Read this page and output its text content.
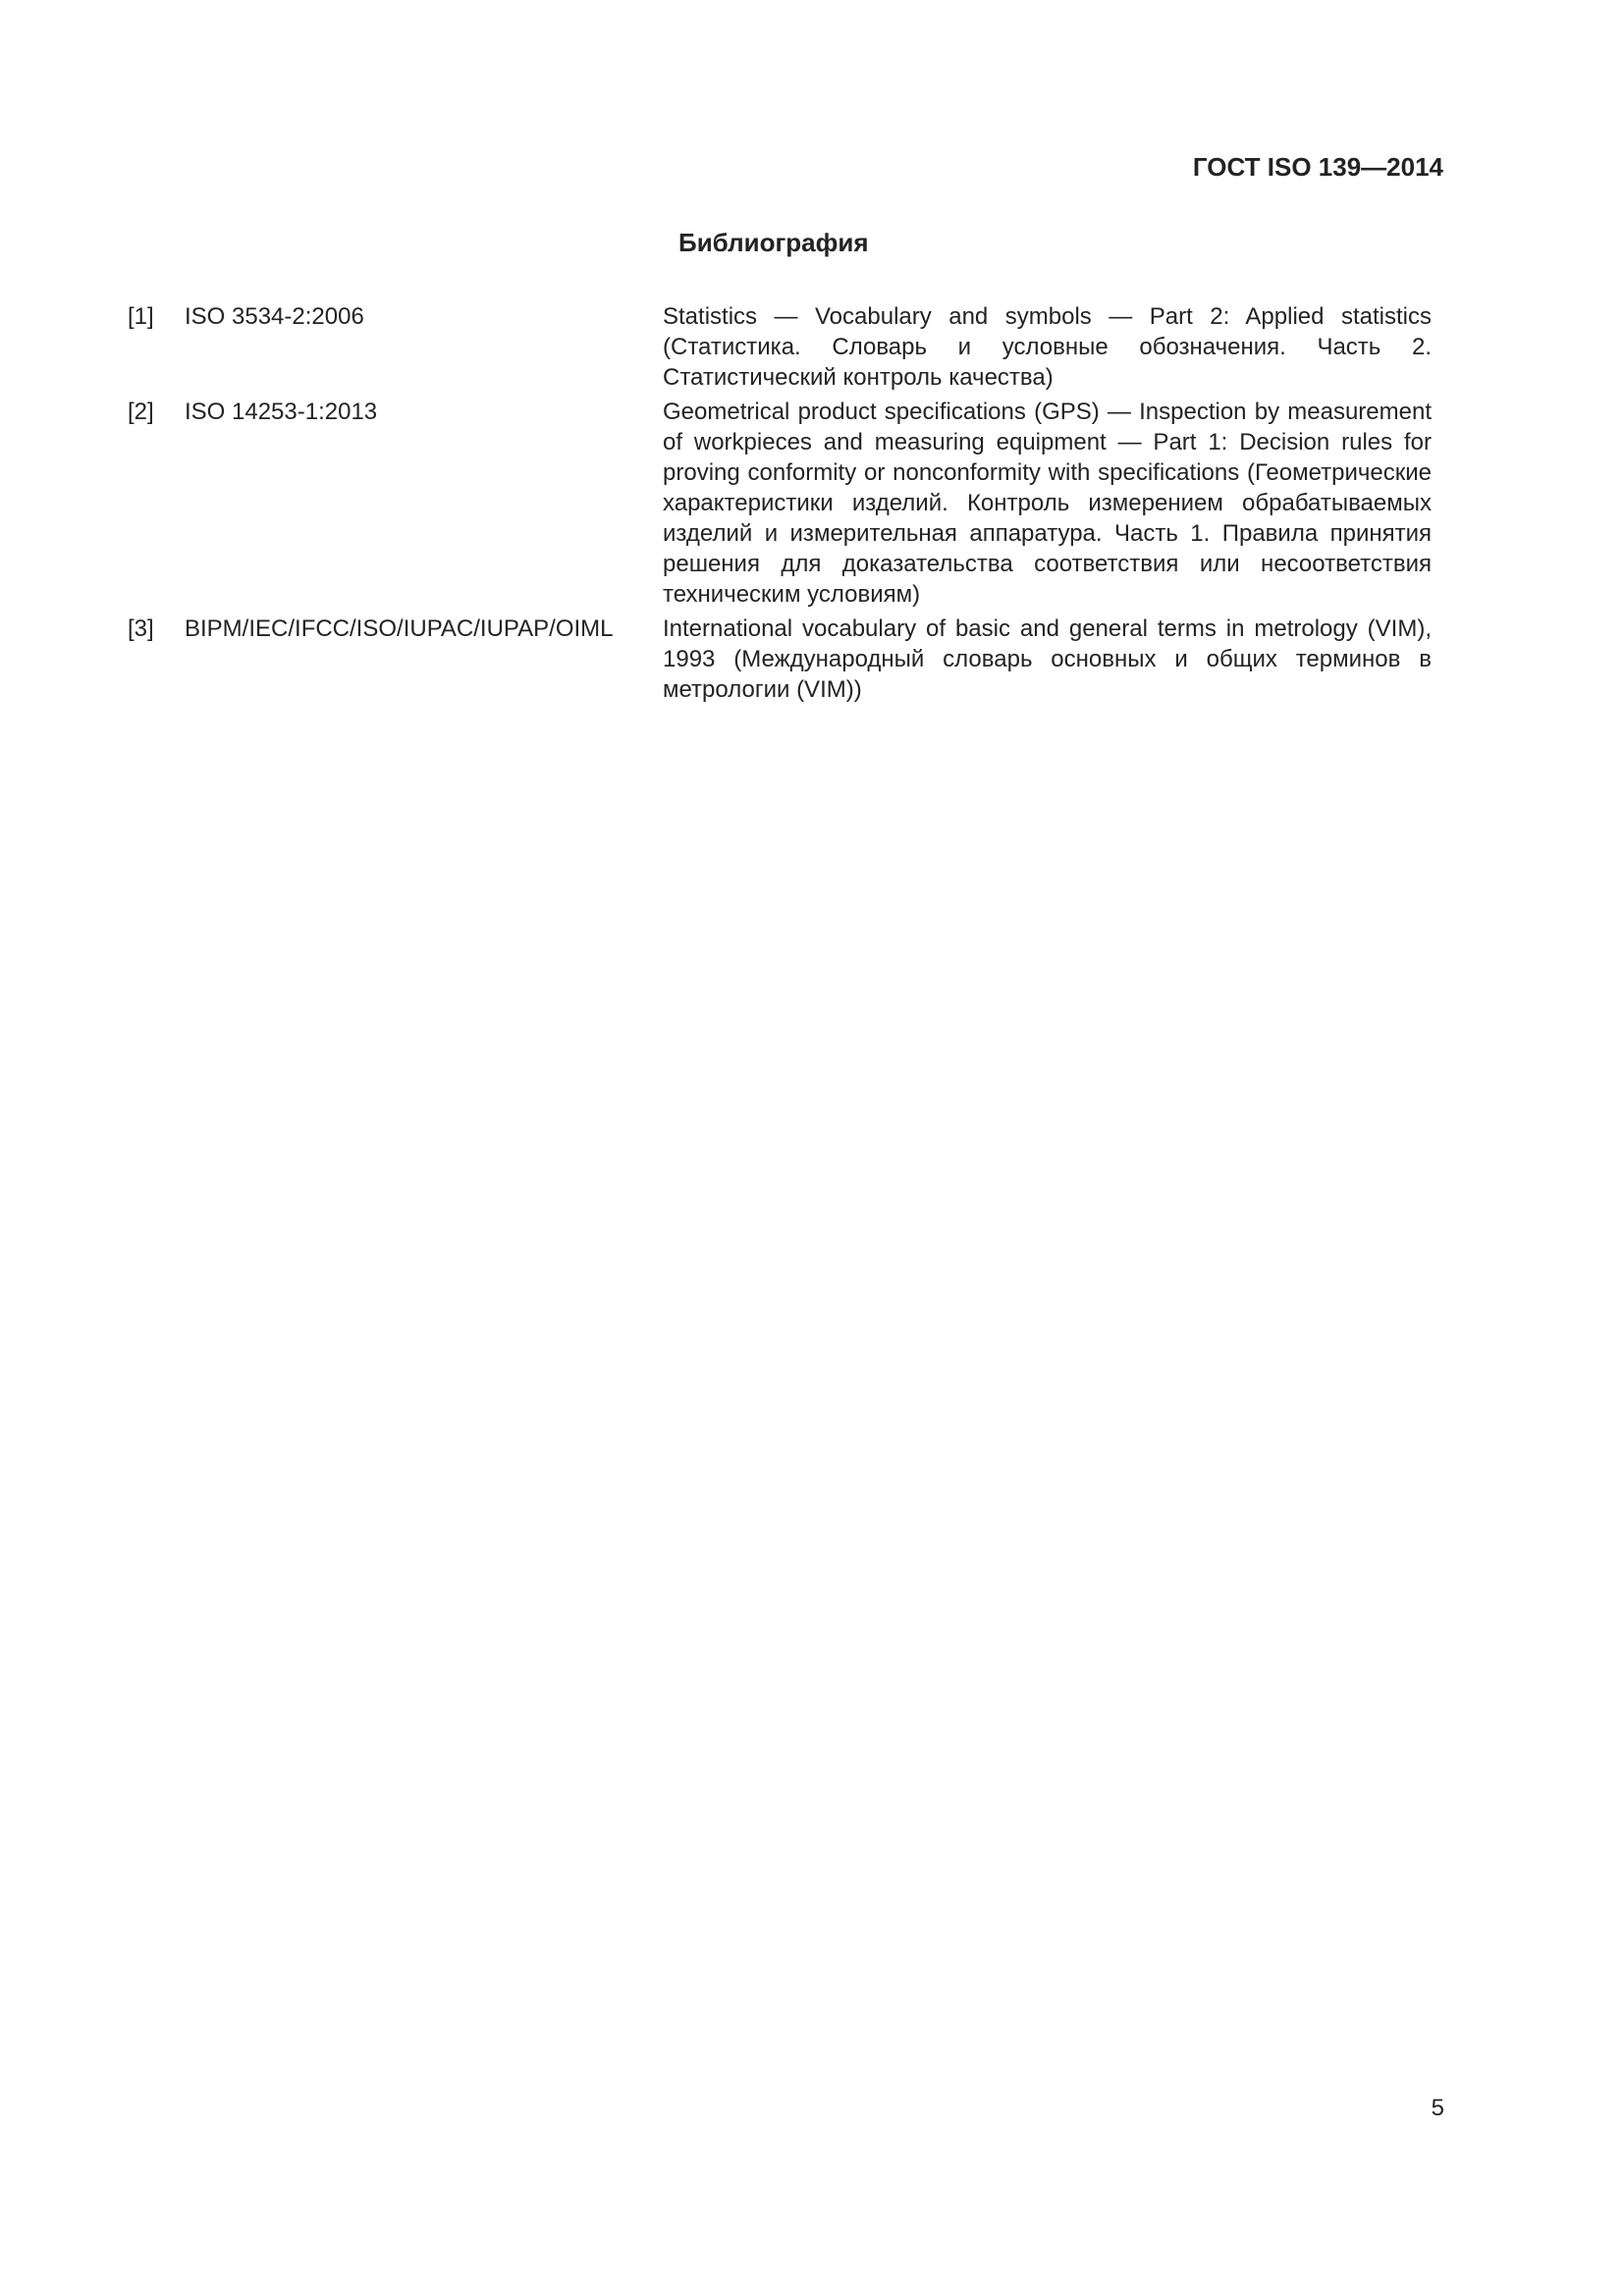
ГОСТ ISO 139—2014
Библиография
[1]	ISO 3534-2:2006	Statistics — Vocabulary and symbols — Part 2: Applied statistics (Статистика. Словарь и условные обозначения. Часть 2. Статистический контроль качества)
[2]	ISO 14253-1:2013	Geometrical product specifications (GPS) — Inspection by measurement of workpieces and measuring equipment — Part 1: Decision rules for proving conformity or nonconformity with specifications (Геометрические характеристики изделий. Контроль измерением обрабатываемых изделий и измерительная аппаратура. Часть 1. Правила принятия решения для доказательства соответствия или несоответствия техническим условиям)
[3]	BIPM/IEC/IFCC/ISO/IUPAC/IUPAP/OIML	International vocabulary of basic and general terms in metrology (VIM), 1993 (Международный словарь основных и общих терминов в метрологии (VIM))
5
